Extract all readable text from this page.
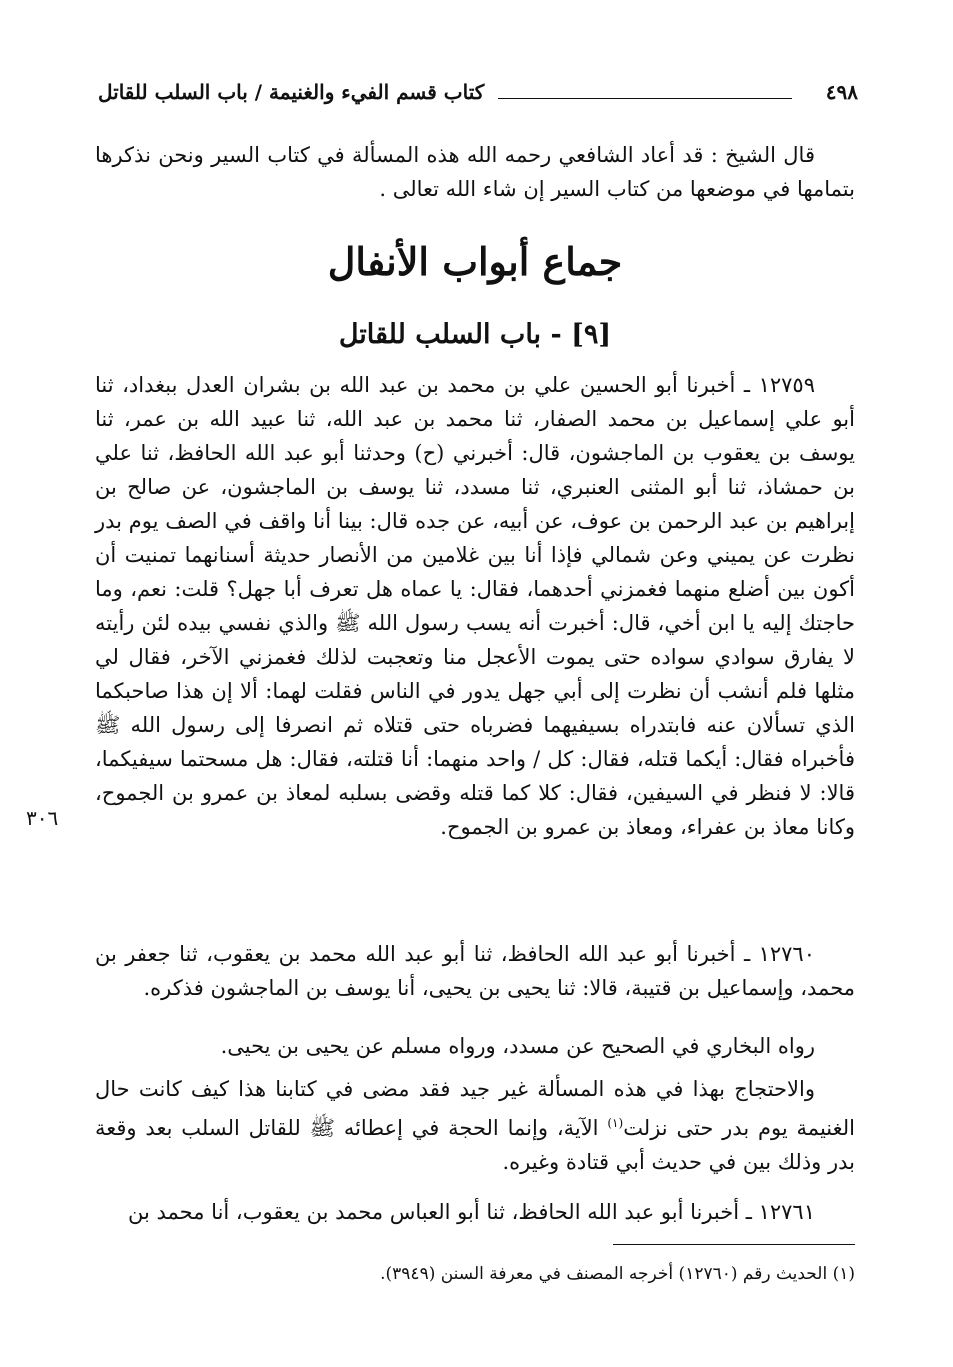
٤٩٨
كتاب قسم الفيء والغنيمة / باب السلب للقاتل

قال الشيخ : قد أعاد الشافعي رحمه الله هذه المسألة في كتاب السير ونحن نذكرها بتمامها في موضعها من كتاب السير إن شاء الله تعالى .

جماع أبواب الأنفال
[٩] - باب السلب للقاتل

١٢٧٥٩ ـ أخبرنا أبو الحسين علي بن محمد بن عبد الله بن بشران العدل ببغداد، ثنا أبو علي إسماعيل بن محمد الصفار، ثنا محمد بن عبد الله، ثنا عبيد الله بن عمر، ثنا يوسف بن يعقوب بن الماجشون، قال: أخبرني (ح) وحدثنا أبو عبد الله الحافظ، ثنا علي بن حمشاذ، ثنا أبو المثنى العنبري، ثنا مسدد، ثنا يوسف بن الماجشون، عن صالح بن إبراهيم بن عبد الرحمن بن عوف، عن أبيه، عن جده قال: بينا أنا واقف في الصف يوم بدر نظرت عن يميني وعن شمالي فإذا أنا بين غلامين من الأنصار حديثة أسنانهما تمنيت أن أكون بين أضلع منهما فغمزني أحدهما، فقال: يا عماه هل تعرف أبا جهل؟ قلت: نعم، وما حاجتك إليه يا ابن أخي، قال: أخبرت أنه يسب رسول الله ﷺ والذي نفسي بيده لئن رأيته لا يفارق سوادي سواده حتى يموت الأعجل منا وتعجبت لذلك فغمزني الآخر، فقال لي مثلها فلم أنشب أن نظرت إلى أبي جهل يدور في الناس فقلت لهما: ألا إن هذا صاحبكما الذي تسألان عنه فابتدراه بسيفيهما فضرباه حتى قتلاه ثم انصرفا إلى رسول الله ﷺ فأخبراه فقال: أيكما قتله، فقال: كل / واحد منهما: أنا قتلته، فقال: هل مسحتما سيفيكما، قالا: لا فنظر في السيفين، فقال: كلا كما قتله وقضى بسلبه لمعاذ بن عمرو بن الجموح، وكانا معاذ بن عفراء، ومعاذ بن عمرو بن الجموح.

٣٠٦

١٢٧٦٠ ـ أخبرنا أبو عبد الله الحافظ، ثنا أبو عبد الله محمد بن يعقوب، ثنا جعفر بن محمد، وإسماعيل بن قتيبة، قالا: ثنا يحيى بن يحيى، أنا يوسف بن الماجشون فذكره.

رواه البخاري في الصحيح عن مسدد، ورواه مسلم عن يحيى بن يحيى.

والاحتجاج بهذا في هذه المسألة غير جيد فقد مضى في كتابنا هذا كيف كانت حال الغنيمة يوم بدر حتى نزلت$^{(١)}$ الآية، وإنما الحجة في إعطائه ﷺ للقاتل السلب بعد وقعة بدر وذلك بين في حديث أبي قتادة وغيره.

١٢٧٦١ ـ أخبرنا أبو عبد الله الحافظ، ثنا أبو العباس محمد بن يعقوب، أنا محمد بن

(١) الحديث رقم (١٢٧٦٠) أخرجه المصنف في معرفة السنن (٣٩٤٩).
